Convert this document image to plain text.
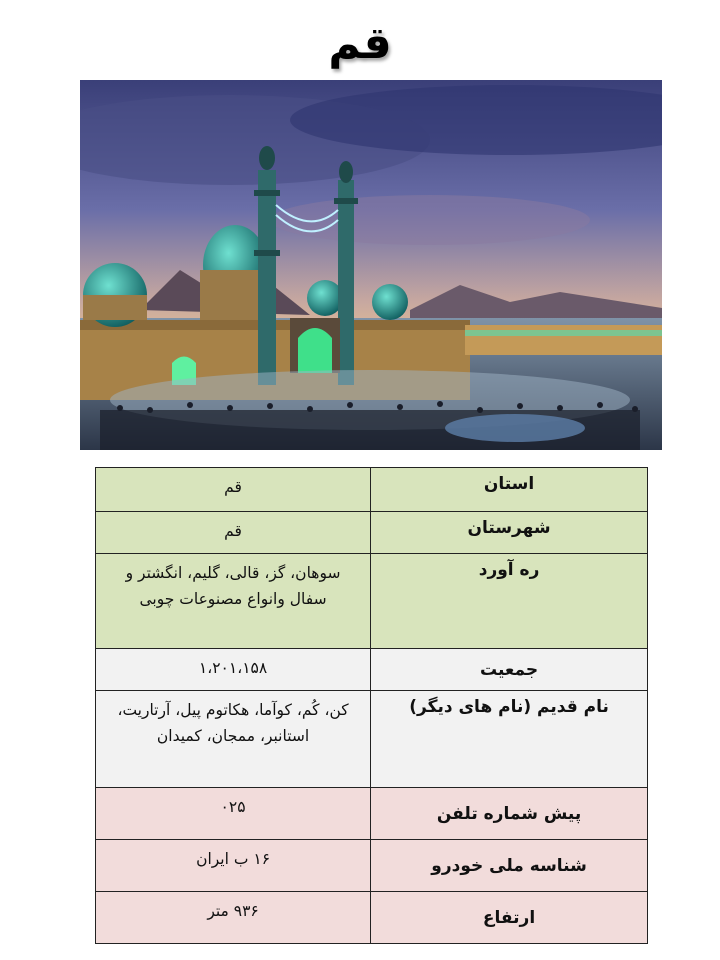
قم
استان	قم
شهرستان	قم
ره آورد	سوهان، گز، قالی، گلیم، انگشتر و سفال وانواع مصنوعات چوبی
جمعیت	۱،۲۰۱،۱۵۸
نام قدیم (نام های دیگر)	کن، کُم، کوآما، هکاتوم پیل، آرتاریت، استانبر، ممجان، کمیدان
پیش شماره تلفن	۰۲۵
شناسه ملی خودرو	۱۶ ب ایران
ارتفاع	۹۳۶ متر
